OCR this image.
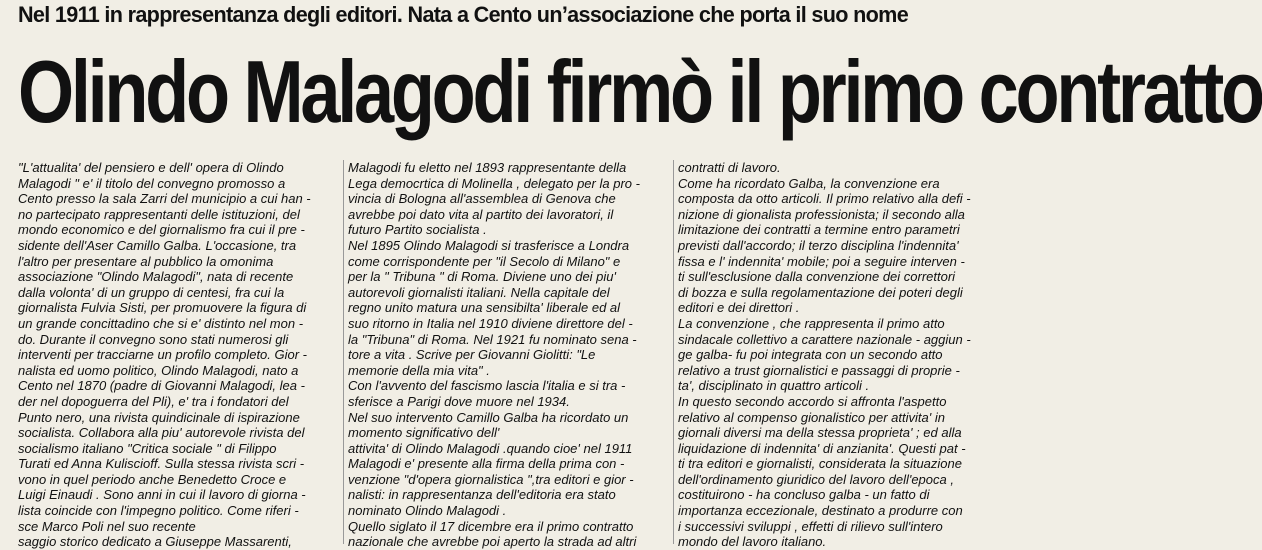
Nel 1911 in rappresentanza degli editori. Nata a Cento un’associazione che porta il suo nome
Olindo Malagodi firmò il primo contratto
"L'attualita' del pensiero e dell' opera di Olindo
Malagodi " e' il titolo del convegno promosso a
Cento presso la sala Zarri del municipio a cui han -
no partecipato rappresentanti delle istituzioni, del
mondo economico e del giornalismo fra cui il pre -
sidente dell'Aser Camillo Galba. L'occasione, tra
l'altro per presentare al pubblico la omonima
associazione "Olindo Malagodi", nata di recente
dalla volonta' di un gruppo di centesi, fra cui la
giornalista Fulvia Sisti, per promuovere la figura di
un grande concittadino che si e' distinto nel mon -
do. Durante il convegno sono stati numerosi gli
interventi per tracciarne un profilo completo. Gior -
nalista ed uomo politico, Olindo Malagodi, nato a
Cento nel 1870 (padre di Giovanni Malagodi, lea -
der nel dopoguerra del Pli), e' tra i fondatori del
Punto nero, una rivista quindicinale di ispirazione
socialista. Collabora alla piu' autorevole rivista del
socialismo italiano "Critica sociale " di Filippo
Turati ed Anna Kuliscioff. Sulla stessa rivista scri -
vono in quel periodo anche Benedetto Croce e
Luigi Einaudi . Sono anni in cui il lavoro di giorna -
lista coincide con l'impegno politico. Come riferi -
sce Marco Poli nel suo recente
saggio storico dedicato a Giuseppe Massarenti,
Malagodi fu eletto nel 1893 rappresentante della
Lega democrtica di Molinella , delegato per la pro -
vincia di Bologna all'assemblea di Genova che
avrebbe poi dato vita al partito dei lavoratori, il
futuro Partito socialista .
Nel 1895 Olindo Malagodi si trasferisce a Londra
come corrispondente per "il Secolo di Milano" e
per la " Tribuna " di Roma. Diviene uno dei piu'
autorevoli giornalisti italiani. Nella capitale del
regno unito matura una sensibilta' liberale ed al
suo ritorno in Italia nel 1910 diviene direttore del -
la "Tribuna" di Roma. Nel 1921 fu nominato sena -
tore a vita . Scrive per Giovanni Giolitti: "Le
memorie della mia vita" .
Con l'avvento del fascismo lascia l'italia e si tra -
sferisce a Parigi dove muore nel 1934.
Nel suo intervento Camillo Galba ha ricordato un
momento significativo dell'
attivita' di Olindo Malagodi .quando cioe' nel 1911
Malagodi e' presente alla firma della prima con -
venzione "d'opera giornalistica ",tra editori e gior -
nalisti: in rappresentanza dell'editoria era stato
nominato Olindo Malagodi .
Quello siglato il 17 dicembre era il primo contratto
nazionale che avrebbe poi aperto la strada ad altri
contratti di lavoro.
Come ha ricordato Galba, la convenzione era
composta da otto articoli. Il primo relativo alla defi -
nizione di gionalista professionista; il secondo alla
limitazione dei contratti a termine entro parametri
previsti dall'accordo; il terzo disciplina l'indennita'
fissa e l' indennita' mobile; poi a seguire interven -
ti sull'esclusione dalla convenzione dei correttori
di bozza e sulla regolamentazione dei poteri degli
editori e dei direttori .
La convenzione , che rappresenta il primo atto
sindacale collettivo a carattere nazionale - aggiun -
ge galba- fu poi integrata con un secondo atto
relativo a trust giornalistici e passaggi di proprie -
ta', disciplinato in quattro articoli .
In questo secondo accordo si affronta l'aspetto
relativo al compenso gionalistico per attivita' in
giornali diversi ma della stessa proprieta' ; ed alla
liquidazione di indennita' di anzianita'. Questi pat -
ti tra editori e giornalisti, considerata la situazione
dell'ordinamento giuridico del lavoro dell'epoca ,
costituirono - ha concluso galba - un fatto di
importanza eccezionale, destinato a produrre con
i successivi sviluppi , effetti di rilievo sull'intero
mondo del lavoro italiano.
